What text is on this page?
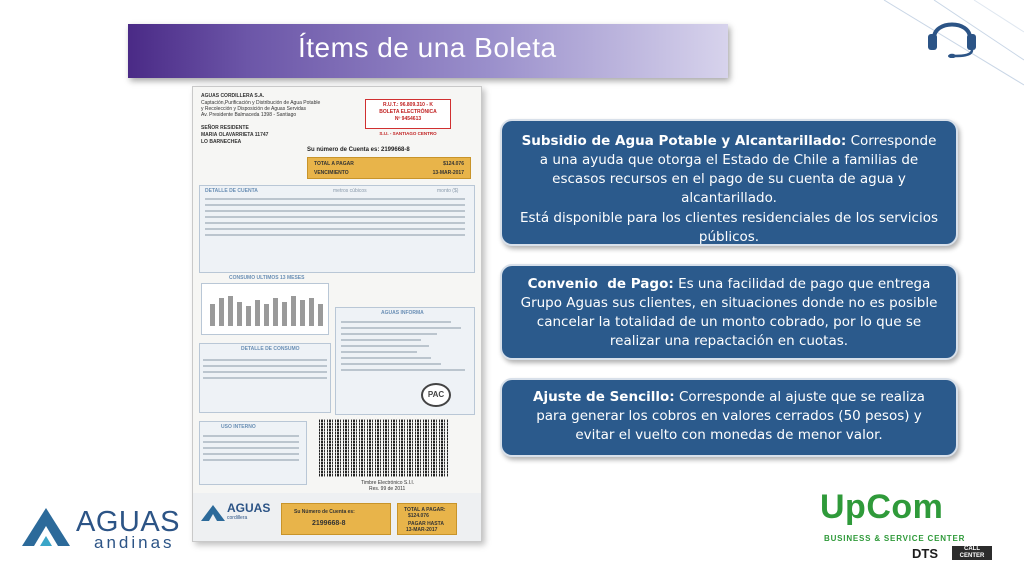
Ítems de una Boleta
AGUAS CORDILLERA S.A.
Captación,Purificación y Distribución de Agua Potable
y Recolección y Disposición de Aguas Servidas
Av. Presidente Balmaceda 1398 - Santiago
SEÑOR RESIDENTE
MARIA OLAVARRIETA 11747
LO BARNECHEA
R.U.T.: 96.809.310 - K
BOLETA ELECTRÓNICA
Nº 9454613
S.I.I. - SANTIAGO CENTRO
Su número de Cuenta es: 2199668-8
TOTAL A PAGAR	$124.076
VENCIMIENTO	13-MAR-2017
DETALLE DE CUENTA	metros cúbicos	monto ($)
CONSUMO ULTIMOS 13 MESES
AGUAS INFORMA
PAC
DETALLE DE CONSUMO
USO INTERNO
Timbre Electrónico S.I.I.
Res. 99 de 2011
AGUAS
cordillera
Su Número de Cuenta es:
2199668-8
TOTAL A PAGAR:
$124.076
PAGAR HASTA
13-MAR-2017
Subsidio de Agua Potable y Alcantarillado: Corresponde a una ayuda que otorga el Estado de Chile a familias de escasos recursos en el pago de su cuenta de agua y alcantarillado.
Está disponible para los clientes residenciales de los servicios públicos.
Convenio  de Pago: Es una facilidad de pago que entrega Grupo Aguas sus clientes, en situaciones donde no es posible cancelar la totalidad de un monto cobrado, por lo que se realizar una repactación en cuotas.
Ajuste de Sencillo: Corresponde al ajuste que se realiza para generar los cobros en valores cerrados (50 pesos) y evitar el vuelto con monedas de menor valor.
AGUAS
andinas
UpCom
BUSINESS & SERVICE CENTER
DTS	CALL
CENTER
